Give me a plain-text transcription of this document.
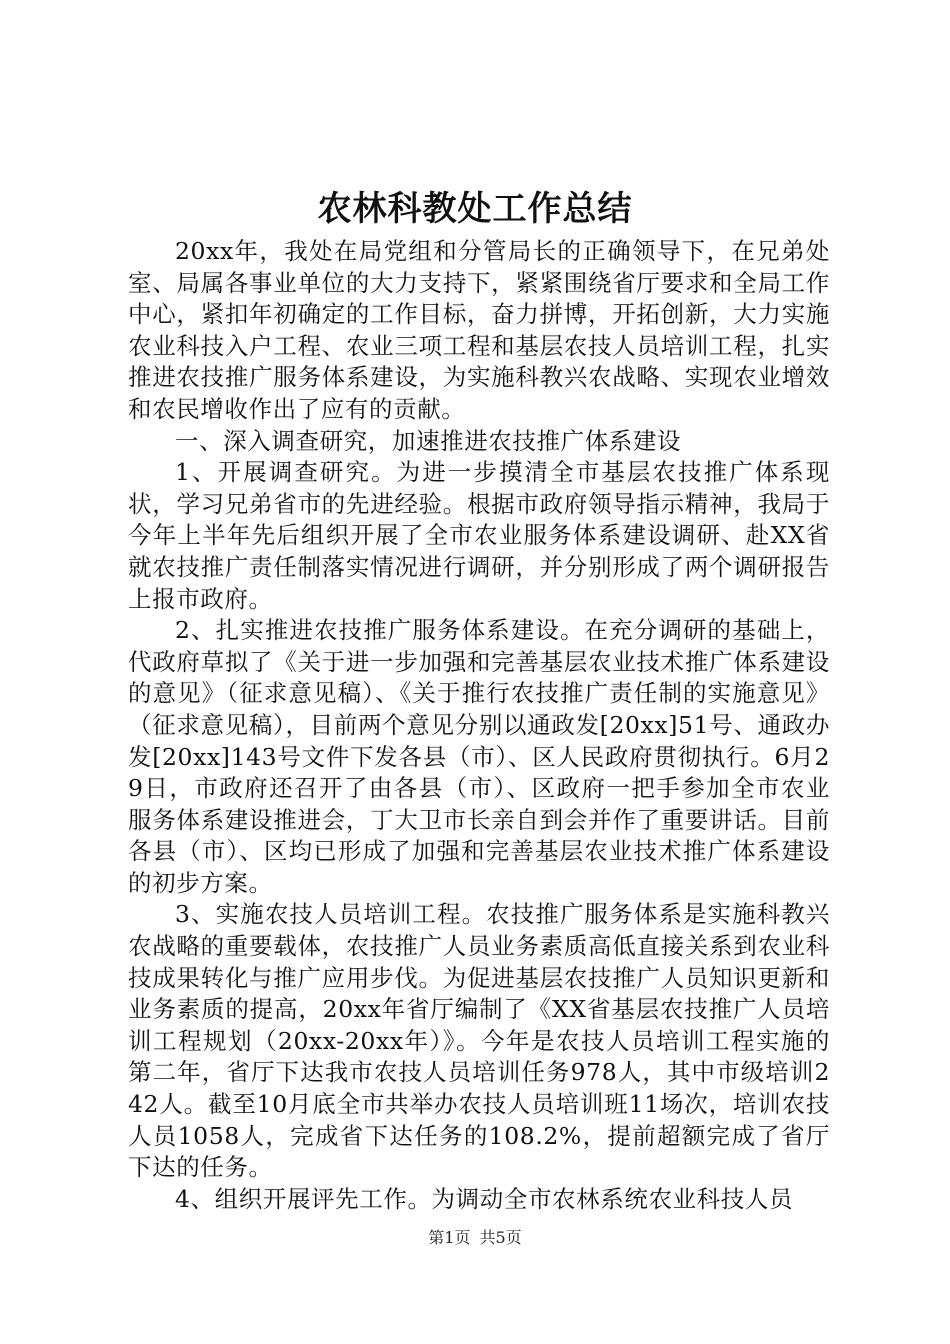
农林科教处工作总结

20xx年，我处在局党组和分管局长的正确领导下，在兄弟处室、局属各事业单位的大力支持下，紧紧围绕省厅要求和全局工作中心，紧扣年初确定的工作目标，奋力拼博，开拓创新，大力实施农业科技入户工程、农业三项工程和基层农技人员培训工程，扎实推进农技推广服务体系建设，为实施科教兴农战略、实现农业增效和农民增收作出了应有的贡献。

一、深入调查研究，加速推进农技推广体系建设

1、开展调查研究。为进一步摸清全市基层农技推广体系现状，学习兄弟省市的先进经验。根据市政府领导指示精神，我局于今年上半年先后组织开展了全市农业服务体系建设调研、赴XX省就农技推广责任制落实情况进行调研，并分别形成了两个调研报告上报市政府。

2、扎实推进农技推广服务体系建设。在充分调研的基础上，代政府草拟了《关于进一步加强和完善基层农业技术推广体系建设的意见》（征求意见稿）、《关于推行农技推广责任制的实施意见》（征求意见稿），目前两个意见分别以通政发[20xx]51号、通政办发[20xx]143号文件下发各县（市）、区人民政府贯彻执行。6月29日，市政府还召开了由各县（市）、区政府一把手参加全市农业服务体系建设推进会，丁大卫市长亲自到会并作了重要讲话。目前各县（市）、区均已形成了加强和完善基层农业技术推广体系建设的初步方案。

3、实施农技人员培训工程。农技推广服务体系是实施科教兴农战略的重要载体，农技推广人员业务素质高低直接关系到农业科技成果转化与推广应用步伐。为促进基层农技推广人员知识更新和业务素质的提高，20xx年省厅编制了《XX省基层农技推广人员培训工程规划（20xx-20xx年）》。今年是农技人员培训工程实施的第二年，省厅下达我市农技人员培训任务978人，其中市级培训242人。截至10月底全市共举办农技人员培训班11场次，培训农技人员1058人，完成省下达任务的108.2%，提前超额完成了省厅下达的任务。

4、组织开展评先工作。为调动全市农林系统农业科技人员

第1页 共5页
